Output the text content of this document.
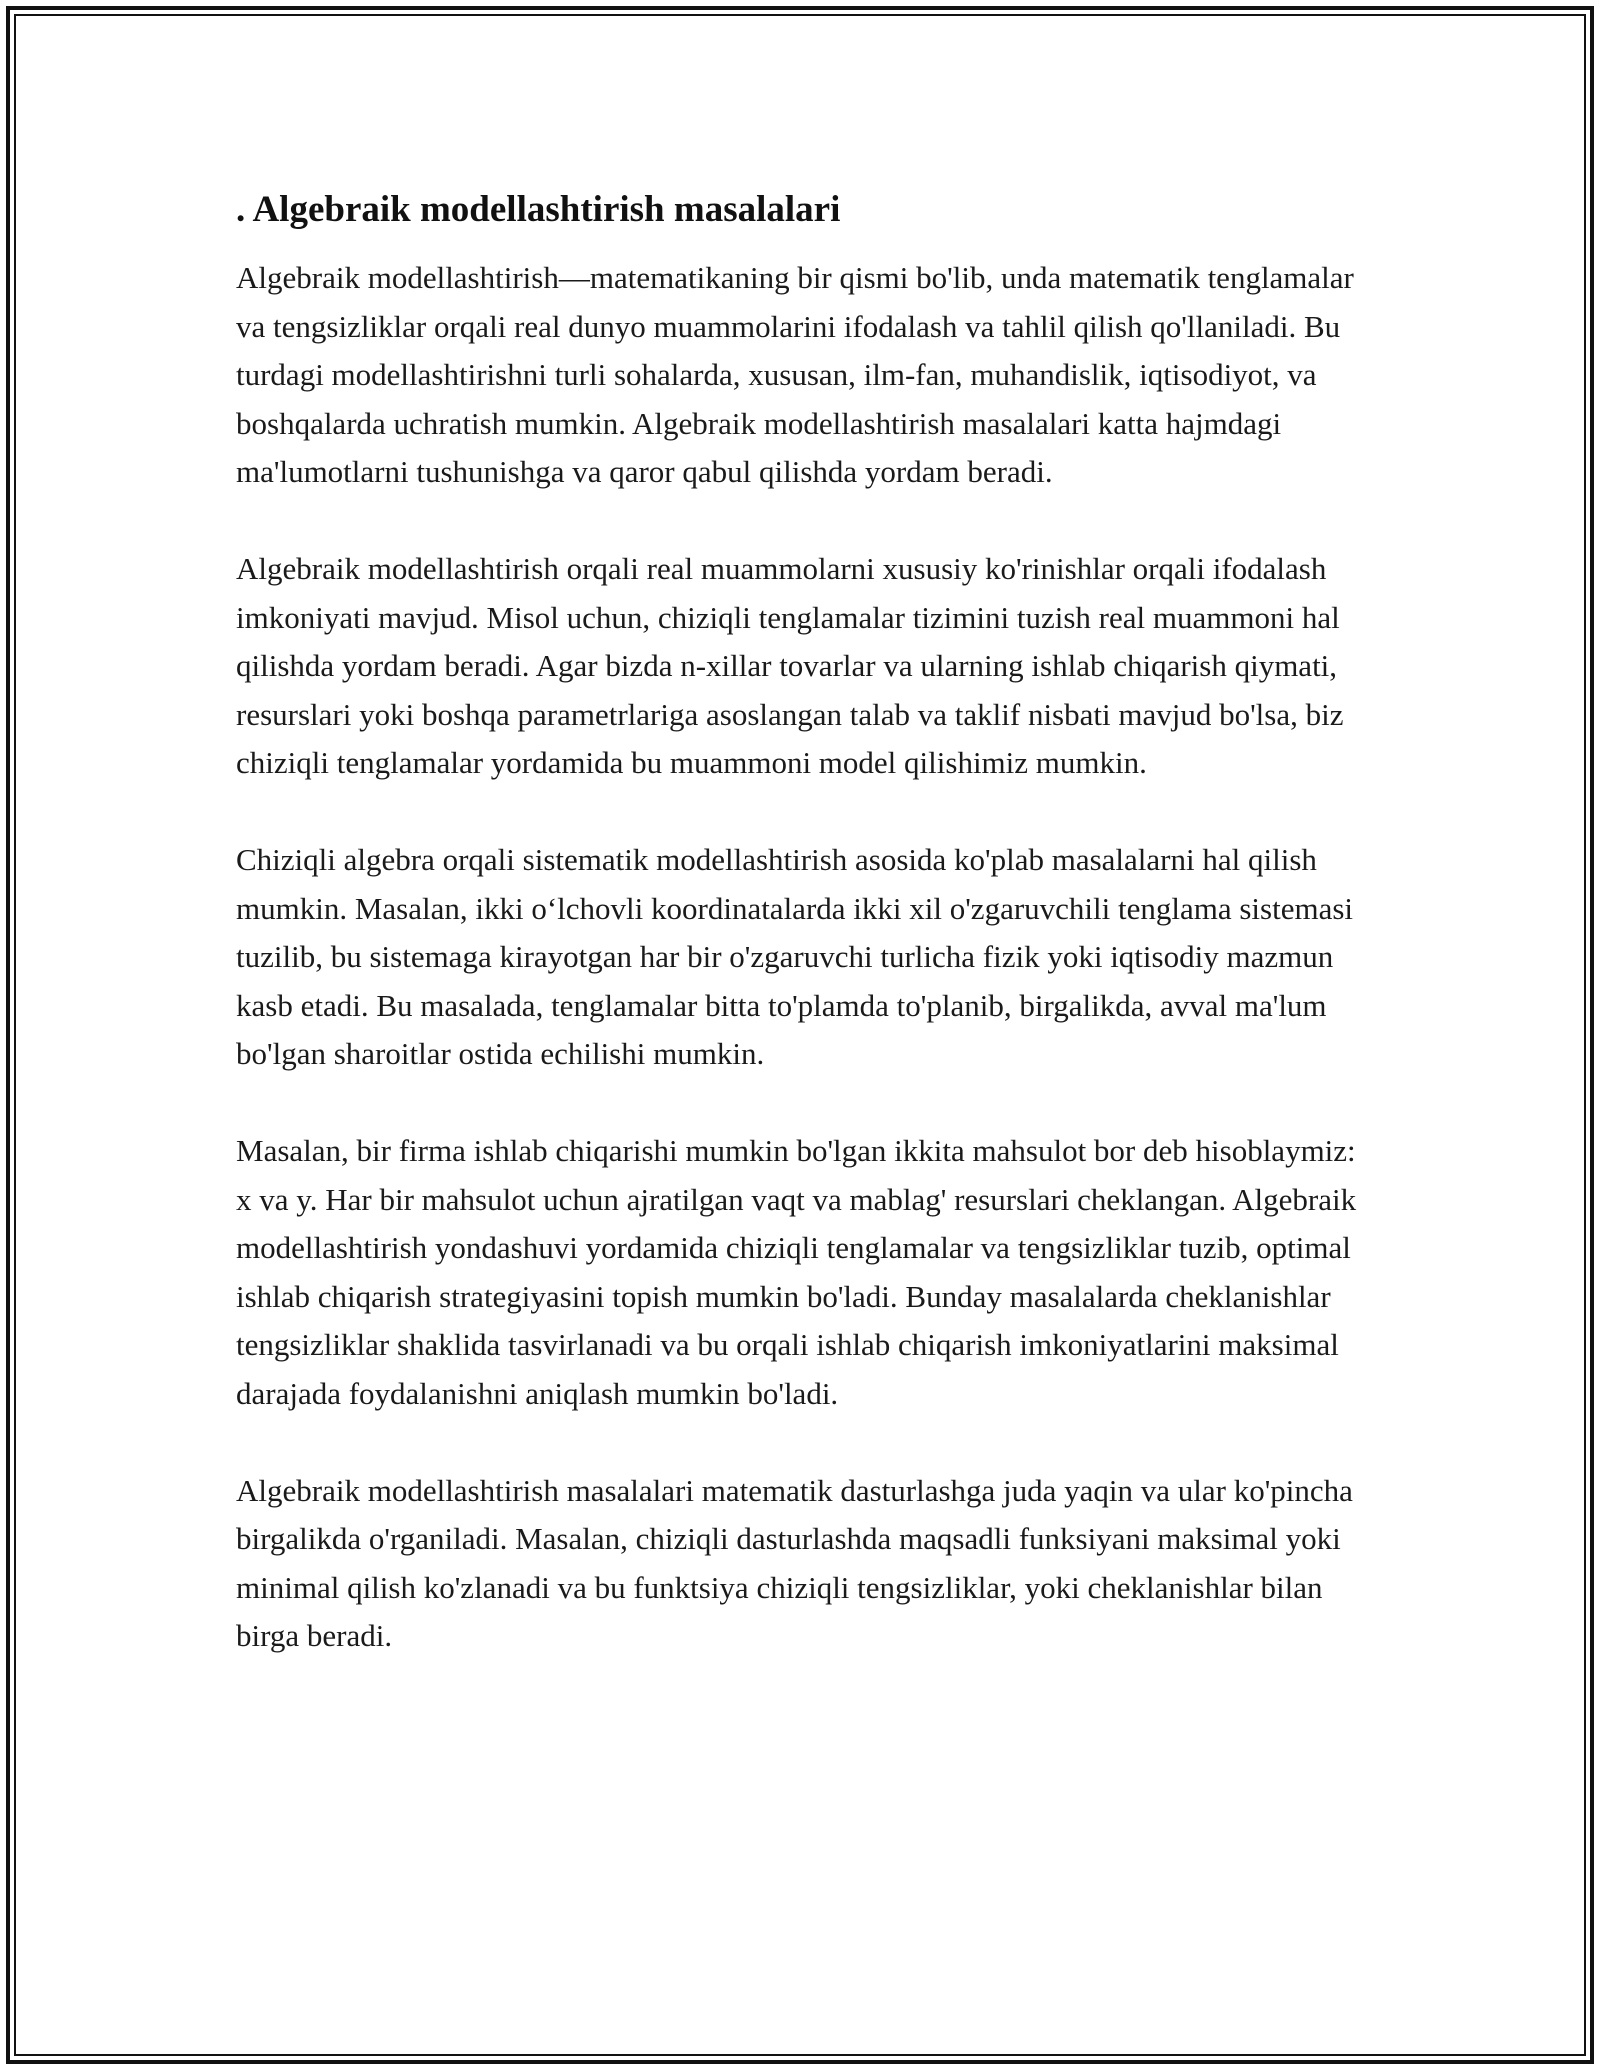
. Algebraik modellashtirish masalalari

Algebraik modellashtirish—matematikaning bir qismi bo'lib, unda matematik tenglamalar va tengsizliklar orqali real dunyo muammolarini ifodalash va tahlil qilish qo'llaniladi. Bu turdagi modellashtirishni turli sohalarda, xususan, ilm-fan, muhandislik, iqtisodiyot, va boshqalarda uchratish mumkin. Algebraik modellashtirish masalalari katta hajmdagi ma'lumotlarni tushunishga va qaror qabul qilishda yordam beradi.

Algebraik modellashtirish orqali real muammolarni xususiy ko'rinishlar orqali ifodalash imkoniyati mavjud. Misol uchun, chiziqli tenglamalar tizimini tuzish real muammoni hal qilishda yordam beradi. Agar bizda n-xillar tovarlar va ularning ishlab chiqarish qiymati, resurslari yoki boshqa parametrlariga asoslangan talab va taklif nisbati mavjud bo'lsa, biz chiziqli tenglamalar yordamida bu muammoni model qilishimiz mumkin.

Chiziqli algebra orqali sistematik modellashtirish asosida ko'plab masalalarni hal qilish mumkin. Masalan, ikki o‘lchovli koordinatalarda ikki xil o'zgaruvchili tenglama sistemasi tuzilib, bu sistemaga kirayotgan har bir o'zgaruvchi turlicha fizik yoki iqtisodiy mazmun kasb etadi. Bu masalada, tenglamalar bitta to'plamda to'planib, birgalikda, avval ma'lum bo'lgan sharoitlar ostida echilishi mumkin.

Masalan, bir firma ishlab chiqarishi mumkin bo'lgan ikkita mahsulot bor deb hisoblaymiz: x va y. Har bir mahsulot uchun ajratilgan vaqt va mablag' resurslari cheklangan. Algebraik modellashtirish yondashuvi yordamida chiziqli tenglamalar va tengsizliklar tuzib, optimal ishlab chiqarish strategiyasini topish mumkin bo'ladi. Bunday masalalarda cheklanishlar tengsizliklar shaklida tasvirlanadi va bu orqali ishlab chiqarish imkoniyatlarini maksimal darajada foydalanishni aniqlash mumkin bo'ladi.

Algebraik modellashtirish masalalari matematik dasturlashga juda yaqin va ular ko'pincha birgalikda o'rganiladi. Masalan, chiziqli dasturlashda maqsadli funksiyani maksimal yoki minimal qilish ko'zlanadi va bu funktsiya chiziqli tengsizliklar, yoki cheklanishlar bilan birga beradi.
